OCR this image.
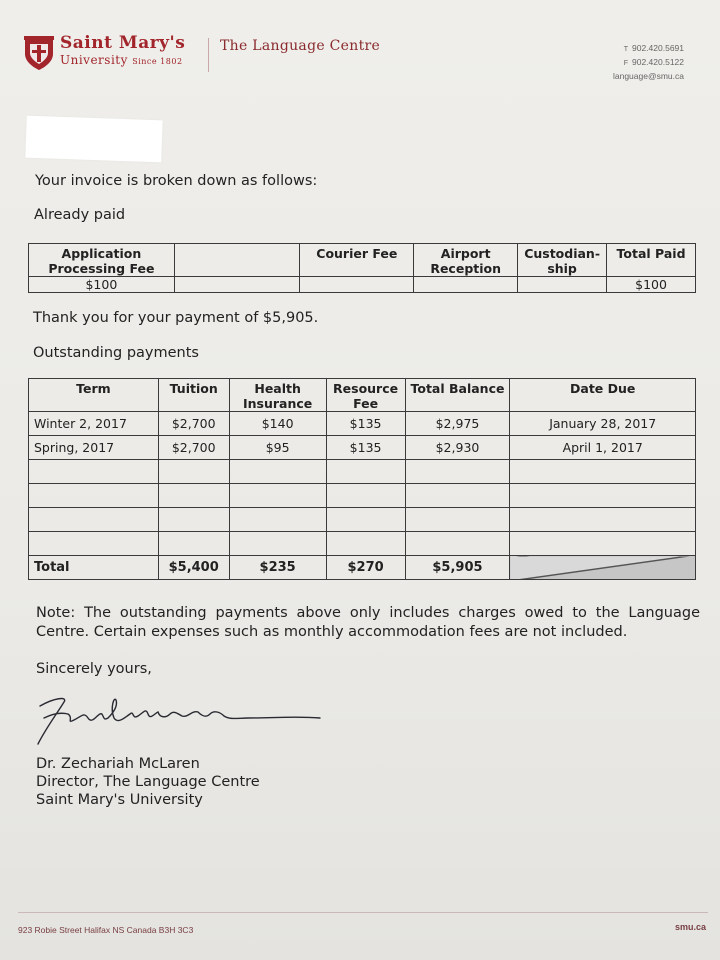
Saint Mary's
University Since 1802
The Language Centre	T 902.420.5691
F 902.420.5122
language@smu.ca
Your invoice is broken down as follows:
Already paid
Application Processing Fee		Courier Fee	Airport Reception	Custodian-ship	Total Paid
$100					$100
Thank you for your payment of $5,905.
Outstanding payments
Term	Tuition	Health Insurance	Resource Fee	Total Balance	Date Due
Winter 2, 2017	$2,700	$140	$135	$2,975	January 28, 2017
Spring, 2017	$2,700	$95	$135	$2,930	April 1, 2017

Total	$5,400	$235	$270	$5,905	
Note: The outstanding payments above only includes charges owed to the Language Centre. Certain expenses such as monthly accommodation fees are not included.
Sincerely yours,
Dr. Zechariah McLaren
Director, The Language Centre
Saint Mary's University
923 Robie Street Halifax NS Canada B3H 3C3	smu.ca
